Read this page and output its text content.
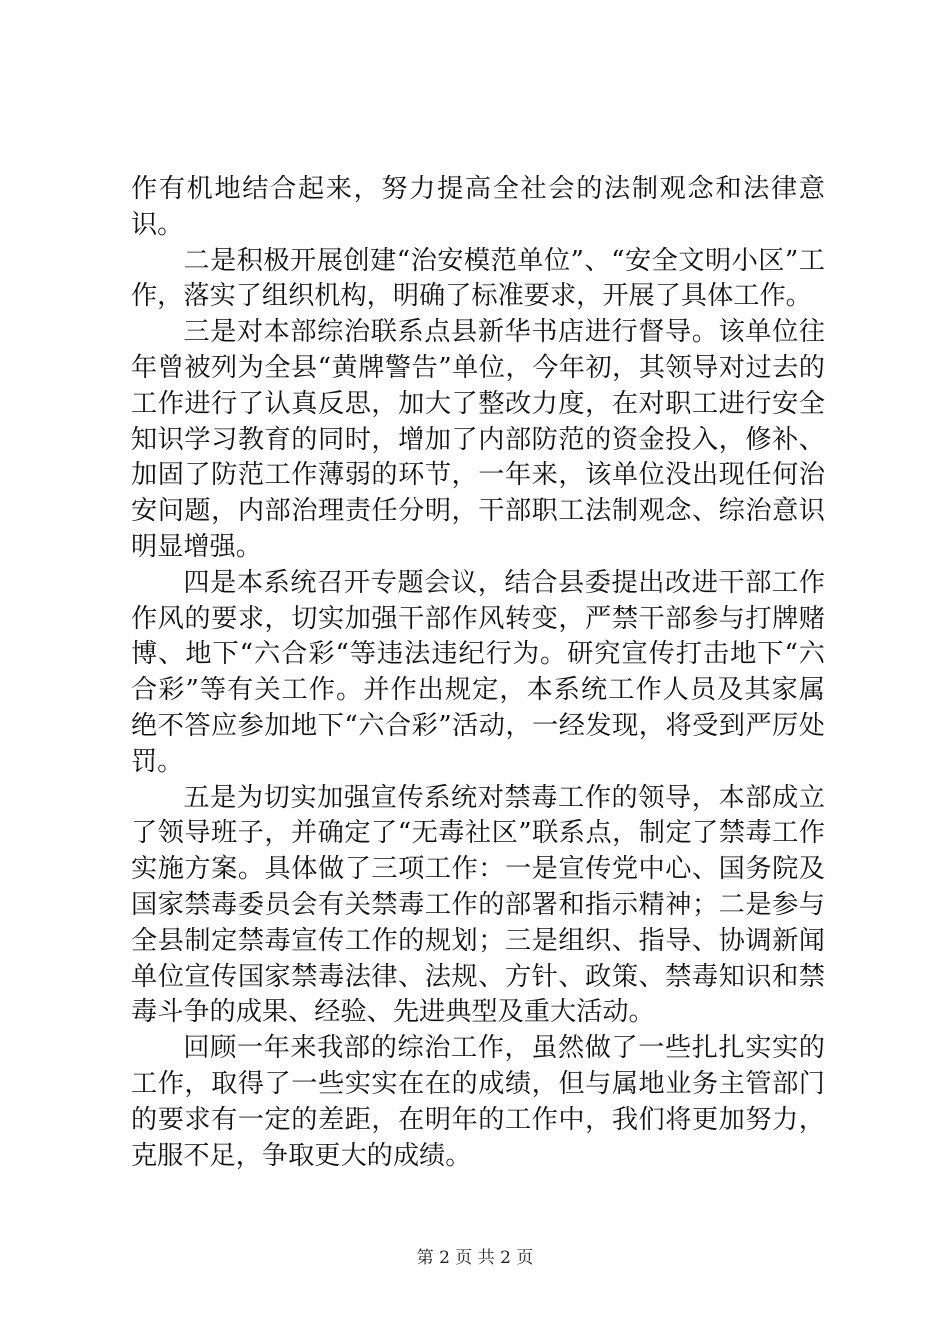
作有机地结合起来，努力提高全社会的法制观念和法律意识。

二是积极开展创建“治安模范单位”、“安全文明小区”工作，落实了组织机构，明确了标准要求，开展了具体工作。

三是对本部综治联系点县新华书店进行督导。该单位往年曾被列为全县“黄牌警告”单位，今年初，其领导对过去的工作进行了认真反思，加大了整改力度，在对职工进行安全知识学习教育的同时，增加了内部防范的资金投入，修补、加固了防范工作薄弱的环节，一年来，该单位没出现任何治安问题，内部治理责任分明，干部职工法制观念、综治意识明显增强。

四是本系统召开专题会议，结合县委提出改进干部工作作风的要求，切实加强干部作风转变，严禁干部参与打牌赌博、地下“六合彩“等违法违纪行为。研究宣传打击地下“六合彩”等有关工作。并作出规定，本系统工作人员及其家属绝不答应参加地下“六合彩”活动，一经发现，将受到严厉处罚。

五是为切实加强宣传系统对禁毒工作的领导，本部成立了领导班子，并确定了“无毒社区”联系点，制定了禁毒工作实施方案。具体做了三项工作：一是宣传党中心、国务院及国家禁毒委员会有关禁毒工作的部署和指示精神；二是参与全县制定禁毒宣传工作的规划；三是组织、指导、协调新闻单位宣传国家禁毒法律、法规、方针、政策、禁毒知识和禁毒斗争的成果、经验、先进典型及重大活动。

回顾一年来我部的综治工作，虽然做了一些扎扎实实的工作，取得了一些实实在在的成绩，但与属地业务主管部门的要求有一定的差距，在明年的工作中，我们将更加努力，克服不足，争取更大的成绩。

第 2 页 共 2 页
